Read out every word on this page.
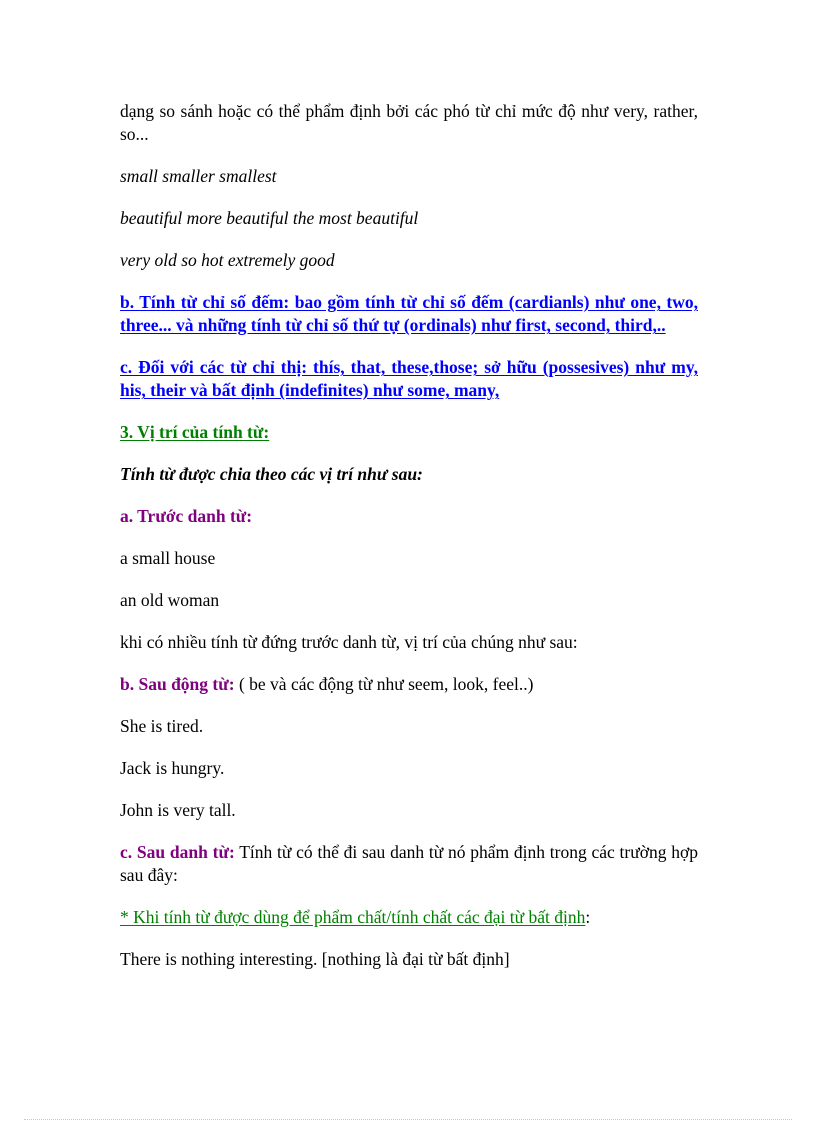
dạng so sánh hoặc có thể phẩm định bởi các phó từ chỉ mức độ như very, rather, so...

small smaller smallest

beautiful more beautiful the most beautiful

very old so hot extremely good

b. Tính từ chỉ số đếm: bao gồm tính từ chỉ số đếm (cardianls) như one, two, three... và những tính từ chỉ số thứ tự (ordinals) như first, second, third,..

c. Đối với các từ chỉ thị: thís, that, these,those; sở hữu (possesives) như my, his, their và bất định (indefinites) như some, many,

3. Vị trí của tính từ:

Tính từ được chia theo các vị trí như sau:

a. Trước danh từ:

a small house

an old woman

khi có nhiều tính từ đứng trước danh từ, vị trí của chúng như sau:

b. Sau động từ: ( be và các động từ như seem, look, feel..)

She is tired.

Jack is hungry.

John is very tall.

c. Sau danh từ: Tính từ có thể đi sau danh từ nó phẩm định trong các trường hợp sau đây:

* Khi tính từ được dùng để phẩm chất/tính chất các đại từ bất định:

There is nothing interesting. [nothing là đại từ bất định]
